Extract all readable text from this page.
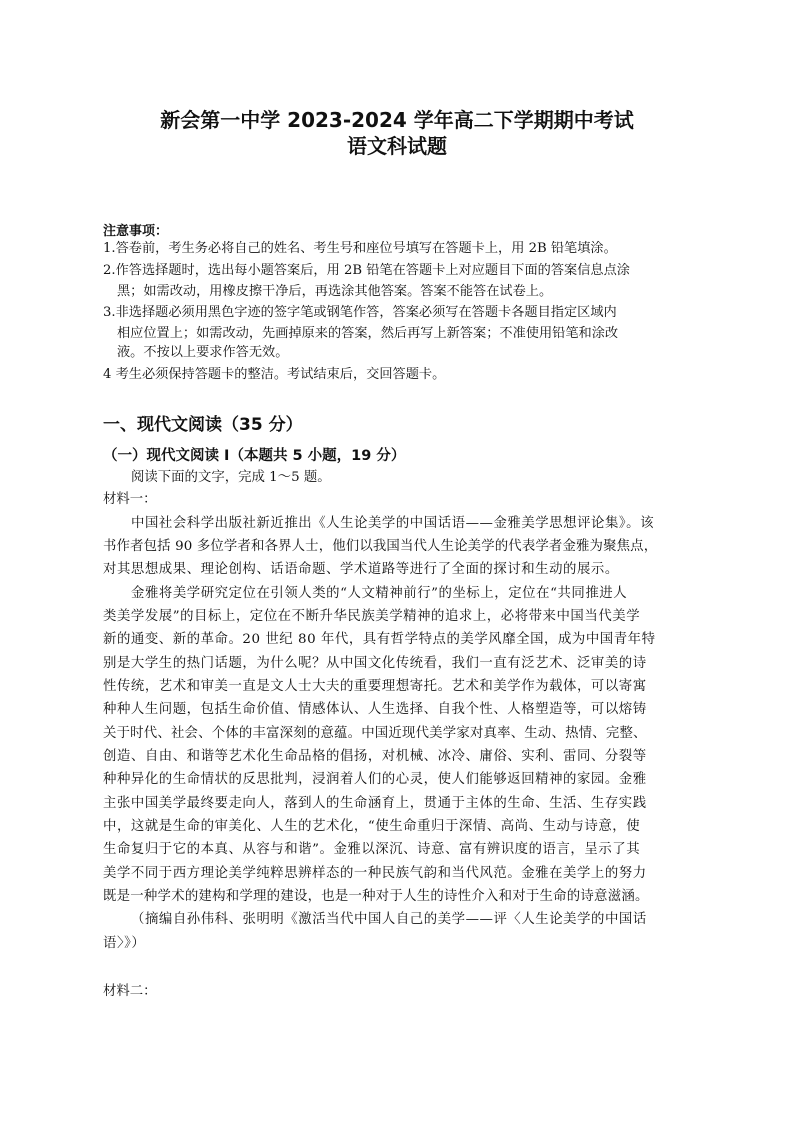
新会第一中学 2023-2024 学年高二下学期期中考试
语文科试题
注意事项：
1.答卷前，考生务必将自己的姓名、考生号和座位号填写在答题卡上，用 2B 铅笔填涂。
2.作答选择题时，选出每小题答案后，用 2B 铅笔在答题卡上对应题目下面的答案信息点涂
黑；如需改动，用橡皮擦干净后，再选涂其他答案。答案不能答在试卷上。
3.非选择题必须用黑色字迹的签字笔或钢笔作答，答案必须写在答题卡各题目指定区域内
相应位置上；如需改动，先画掉原来的答案，然后再写上新答案；不准使用铅笔和涂改
液。不按以上要求作答无效。
4 考生必须保持答题卡的整洁。考试结束后，交回答题卡。
一、现代文阅读（35 分）
（一）现代文阅读 I（本题共 5 小题，19 分）
阅读下面的文字，完成 1～5 题。
材料一：
中国社会科学出版社新近推出《人生论美学的中国话语——金雅美学思想评论集》。该
书作者包括 90 多位学者和各界人士，他们以我国当代人生论美学的代表学者金雅为聚焦点，
对其思想成果、理论创构、话语命题、学术道路等进行了全面的探讨和生动的展示。
金雅将美学研究定位在引领人类的“人文精神前行”的坐标上，定位在“共同推进人
类美学发展”的目标上，定位在不断升华民族美学精神的追求上，必将带来中国当代美学
新的通变、新的革命。20 世纪 80 年代，具有哲学特点的美学风靡全国，成为中国青年特
别是大学生的热门话题，为什么呢？从中国文化传统看，我们一直有泛艺术、泛审美的诗
性传统，艺术和审美一直是文人士大夫的重要理想寄托。艺术和美学作为载体，可以寄寓
种种人生问题，包括生命价值、情感体认、人生选择、自我个性、人格塑造等，可以熔铸
关于时代、社会、个体的丰富深刻的意蕴。中国近现代美学家对真率、生动、热情、完整、
创造、自由、和谐等艺术化生命品格的倡扬，对机械、冰冷、庸俗、实利、雷同、分裂等
种种异化的生命情状的反思批判，浸润着人们的心灵，使人们能够返回精神的家园。金雅
主张中国美学最终要走向人，落到人的生命涵育上，贯通于主体的生命、生活、生存实践
中，这就是生命的审美化、人生的艺术化，“使生命重归于深情、高尚、生动与诗意，使
生命复归于它的本真、从容与和谐”。金雅以深沉、诗意、富有辨识度的语言，呈示了其
美学不同于西方理论美学纯粹思辨样态的一种民族气韵和当代风范。金雅在美学上的努力
既是一种学术的建构和学理的建设，也是一种对于人生的诗性介入和对于生命的诗意滋涵。
（摘编自孙伟科、张明明《激活当代中国人自己的美学——评〈人生论美学的中国话
语〉》）
材料二：
